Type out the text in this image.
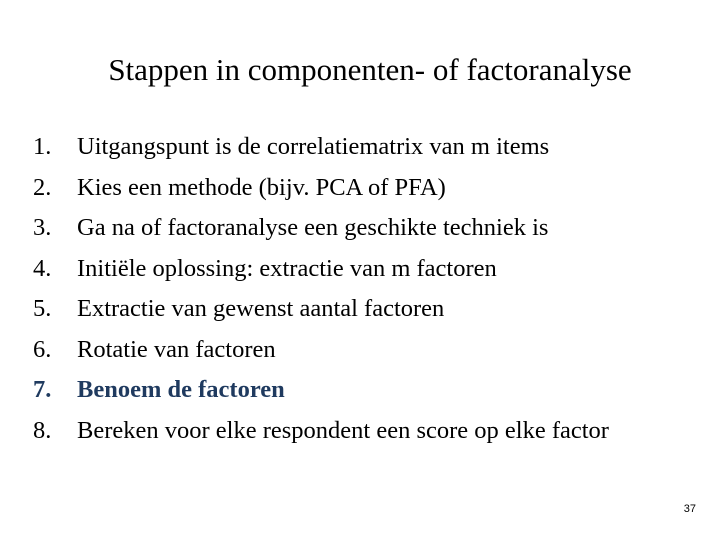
Stappen in componenten- of factoranalyse
1. Uitgangspunt is de correlatiematrix van m items
2. Kies een methode (bijv. PCA of PFA)
3. Ga na of factoranalyse een geschikte techniek is
4. Initiële oplossing: extractie van m factoren
5. Extractie van gewenst aantal factoren
6. Rotatie van factoren
7. Benoem de factoren
8. Bereken voor elke respondent een score op elke factor
37
